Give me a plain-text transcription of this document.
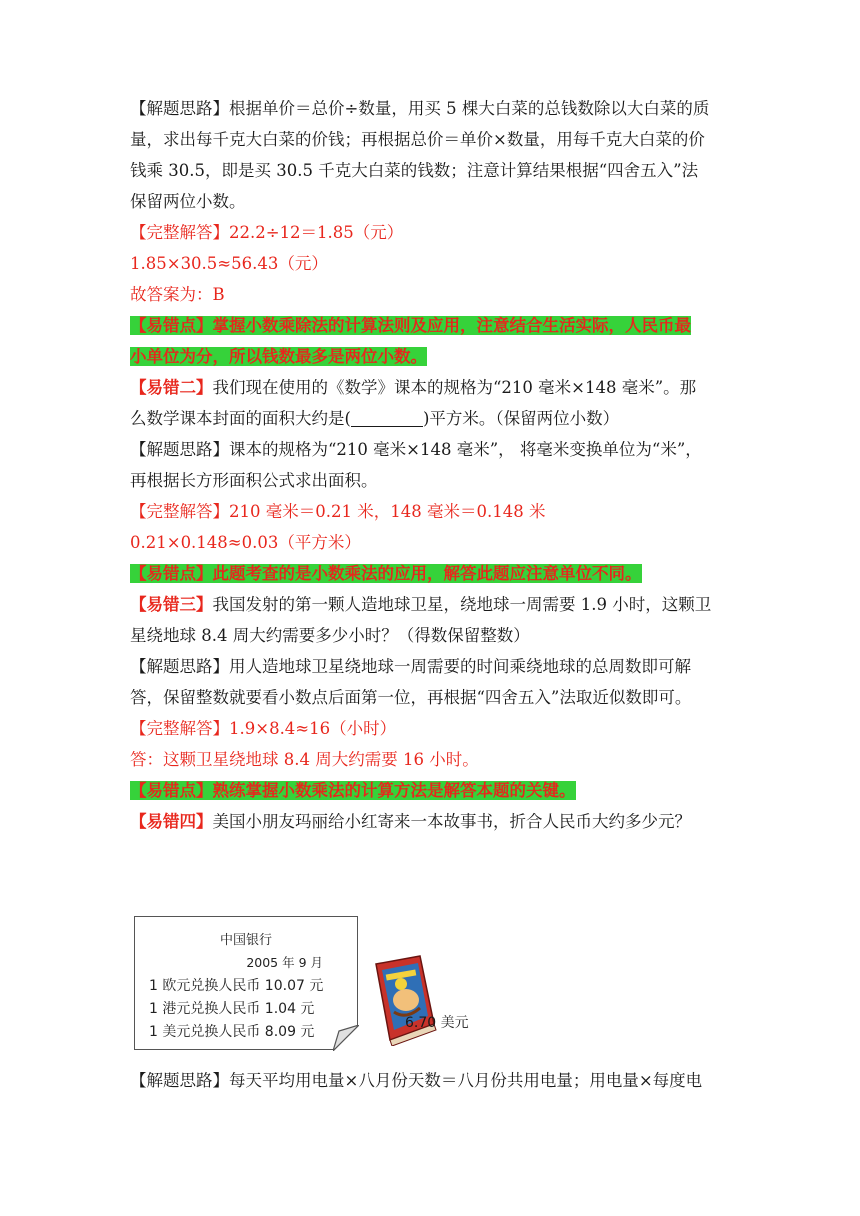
【解题思路】根据单价＝总价÷数量，用买 5 棵大白菜的总钱数除以大白菜的质

量，求出每千克大白菜的价钱；再根据总价＝单价×数量，用每千克大白菜的价

钱乘 30.5，即是买 30.5 千克大白菜的钱数；注意计算结果根据“四舍五入”法

保留两位小数。

【完整解答】22.2÷12＝1.85（元）

1.85×30.5≈56.43（元）

故答案为：B

【易错点】掌握小数乘除法的计算法则及应用，注意结合生活实际，人民币最

小单位为分，所以钱数最多是两位小数。

【易错二】我们现在使用的《数学》课本的规格为“210 毫米×148 毫米”。那

么数学课本封面的面积大约是(	)平方米。（保留两位小数）

【解题思路】课本的规格为“210 毫米×148 毫米”， 将毫米变换单位为“米”，

再根据长方形面积公式求出面积。

【完整解答】210 毫米＝0.21 米，148 毫米＝0.148 米

0.21×0.148≈0.03（平方米）

【易错点】此题考查的是小数乘法的应用，解答此题应注意单位不同。

【易错三】我国发射的第一颗人造地球卫星，绕地球一周需要 1.9 小时，这颗卫

星绕地球 8.4 周大约需要多少小时？（得数保留整数）

【解题思路】用人造地球卫星绕地球一周需要的时间乘绕地球的总周数即可解

答，保留整数就要看小数点后面第一位，再根据“四舍五入”法取近似数即可。

【完整解答】1.9×8.4≈16（小时）

答：这颗卫星绕地球 8.4 周大约需要 16 小时。

【易错点】熟练掌握小数乘法的计算方法是解答本题的关键。

【易错四】美国小朋友玛丽给小红寄来一本故事书，折合人民币大约多少元？

中国银行
2005 年 9 月
1 欧元兑换人民币 10.07 元
1 港元兑换人民币 1.04 元
1 美元兑换人民币 8.09 元
6.70 美元

【解题思路】每天平均用电量×八月份天数＝八月份共用电量；用电量×每度电
